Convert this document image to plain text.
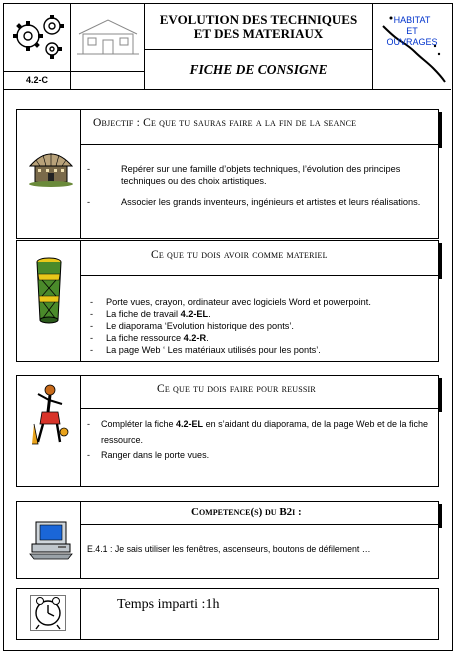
4.2-C
EVOLUTION DES TECHNIQUES
ET DES MATERIAUX
FICHE DE CONSIGNE
HABITAT
ET
OUVRAGES
Objectif : Ce que tu sauras faire a la fin de la seance
- Repérer sur une famille d’objets techniques, l’évolution des principes techniques ou des choix artistiques.
- Associer les grands inventeurs, ingénieurs et artistes et leurs réalisations.
Ce que tu dois avoir comme materiel
- Porte vues, crayon, ordinateur avec logiciels Word et powerpoint.
- La fiche de travail 4.2-EL.
- Le diaporama ‘Evolution historique des ponts’.
- La fiche ressource 4.2-R.
- La page Web ‘ Les matériaux utilisés pour les ponts’.
Ce que tu dois faire pour reussir
- Compléter la fiche 4.2-EL en s’aidant du diaporama, de la page Web et de la fiche ressource.
- Ranger dans le porte vues.
Competence(s) du B2i :
E.4.1 : Je sais utiliser les fenêtres, ascenseurs, boutons de défilement …
Temps imparti :1h
